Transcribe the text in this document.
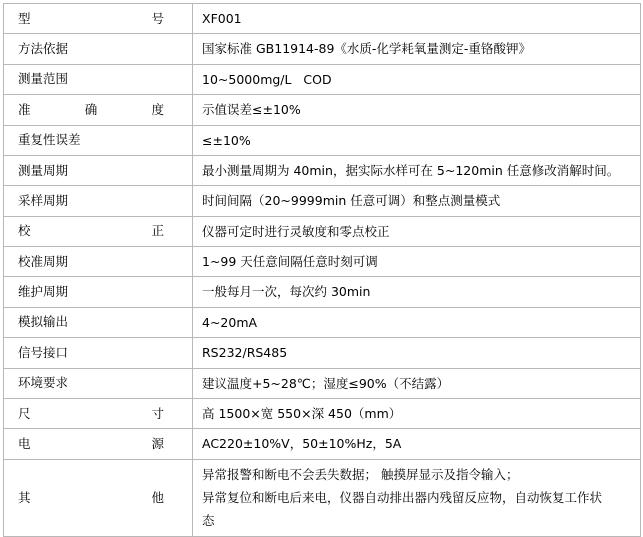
型 号	XF001

方法依据	国家标准 GB11914-89《水质-化学耗氧量测定-重铬酸钾》

测量范围	10~5000mg/L   COD

准 确 度	示值误差≤±10%

重复性误差	≤±10%

测量周期	最小测量周期为 40min，据实际水样可在 5~120min 任意修改消解时间。

采样周期	时间间隔（20~9999min 任意可调）和整点测量模式

校 正	仪器可定时进行灵敏度和零点校正

校准周期	1~99 天任意间隔任意时刻可调

维护周期	一般每月一次，每次约 30min

模拟输出	4~20mA

信号接口	RS232/RS485

环境要求	建议温度+5~28℃；湿度≤90%（不结露）

尺 寸	高 1500×宽 550×深 450（mm）

电 源	AC220±10%V，50±10%Hz，5A

其 他	异常报警和断电不会丢失数据； 触摸屏显示及指令输入；
异常复位和断电后来电，仪器自动排出器内残留反应物，自动恢复工作状
态
